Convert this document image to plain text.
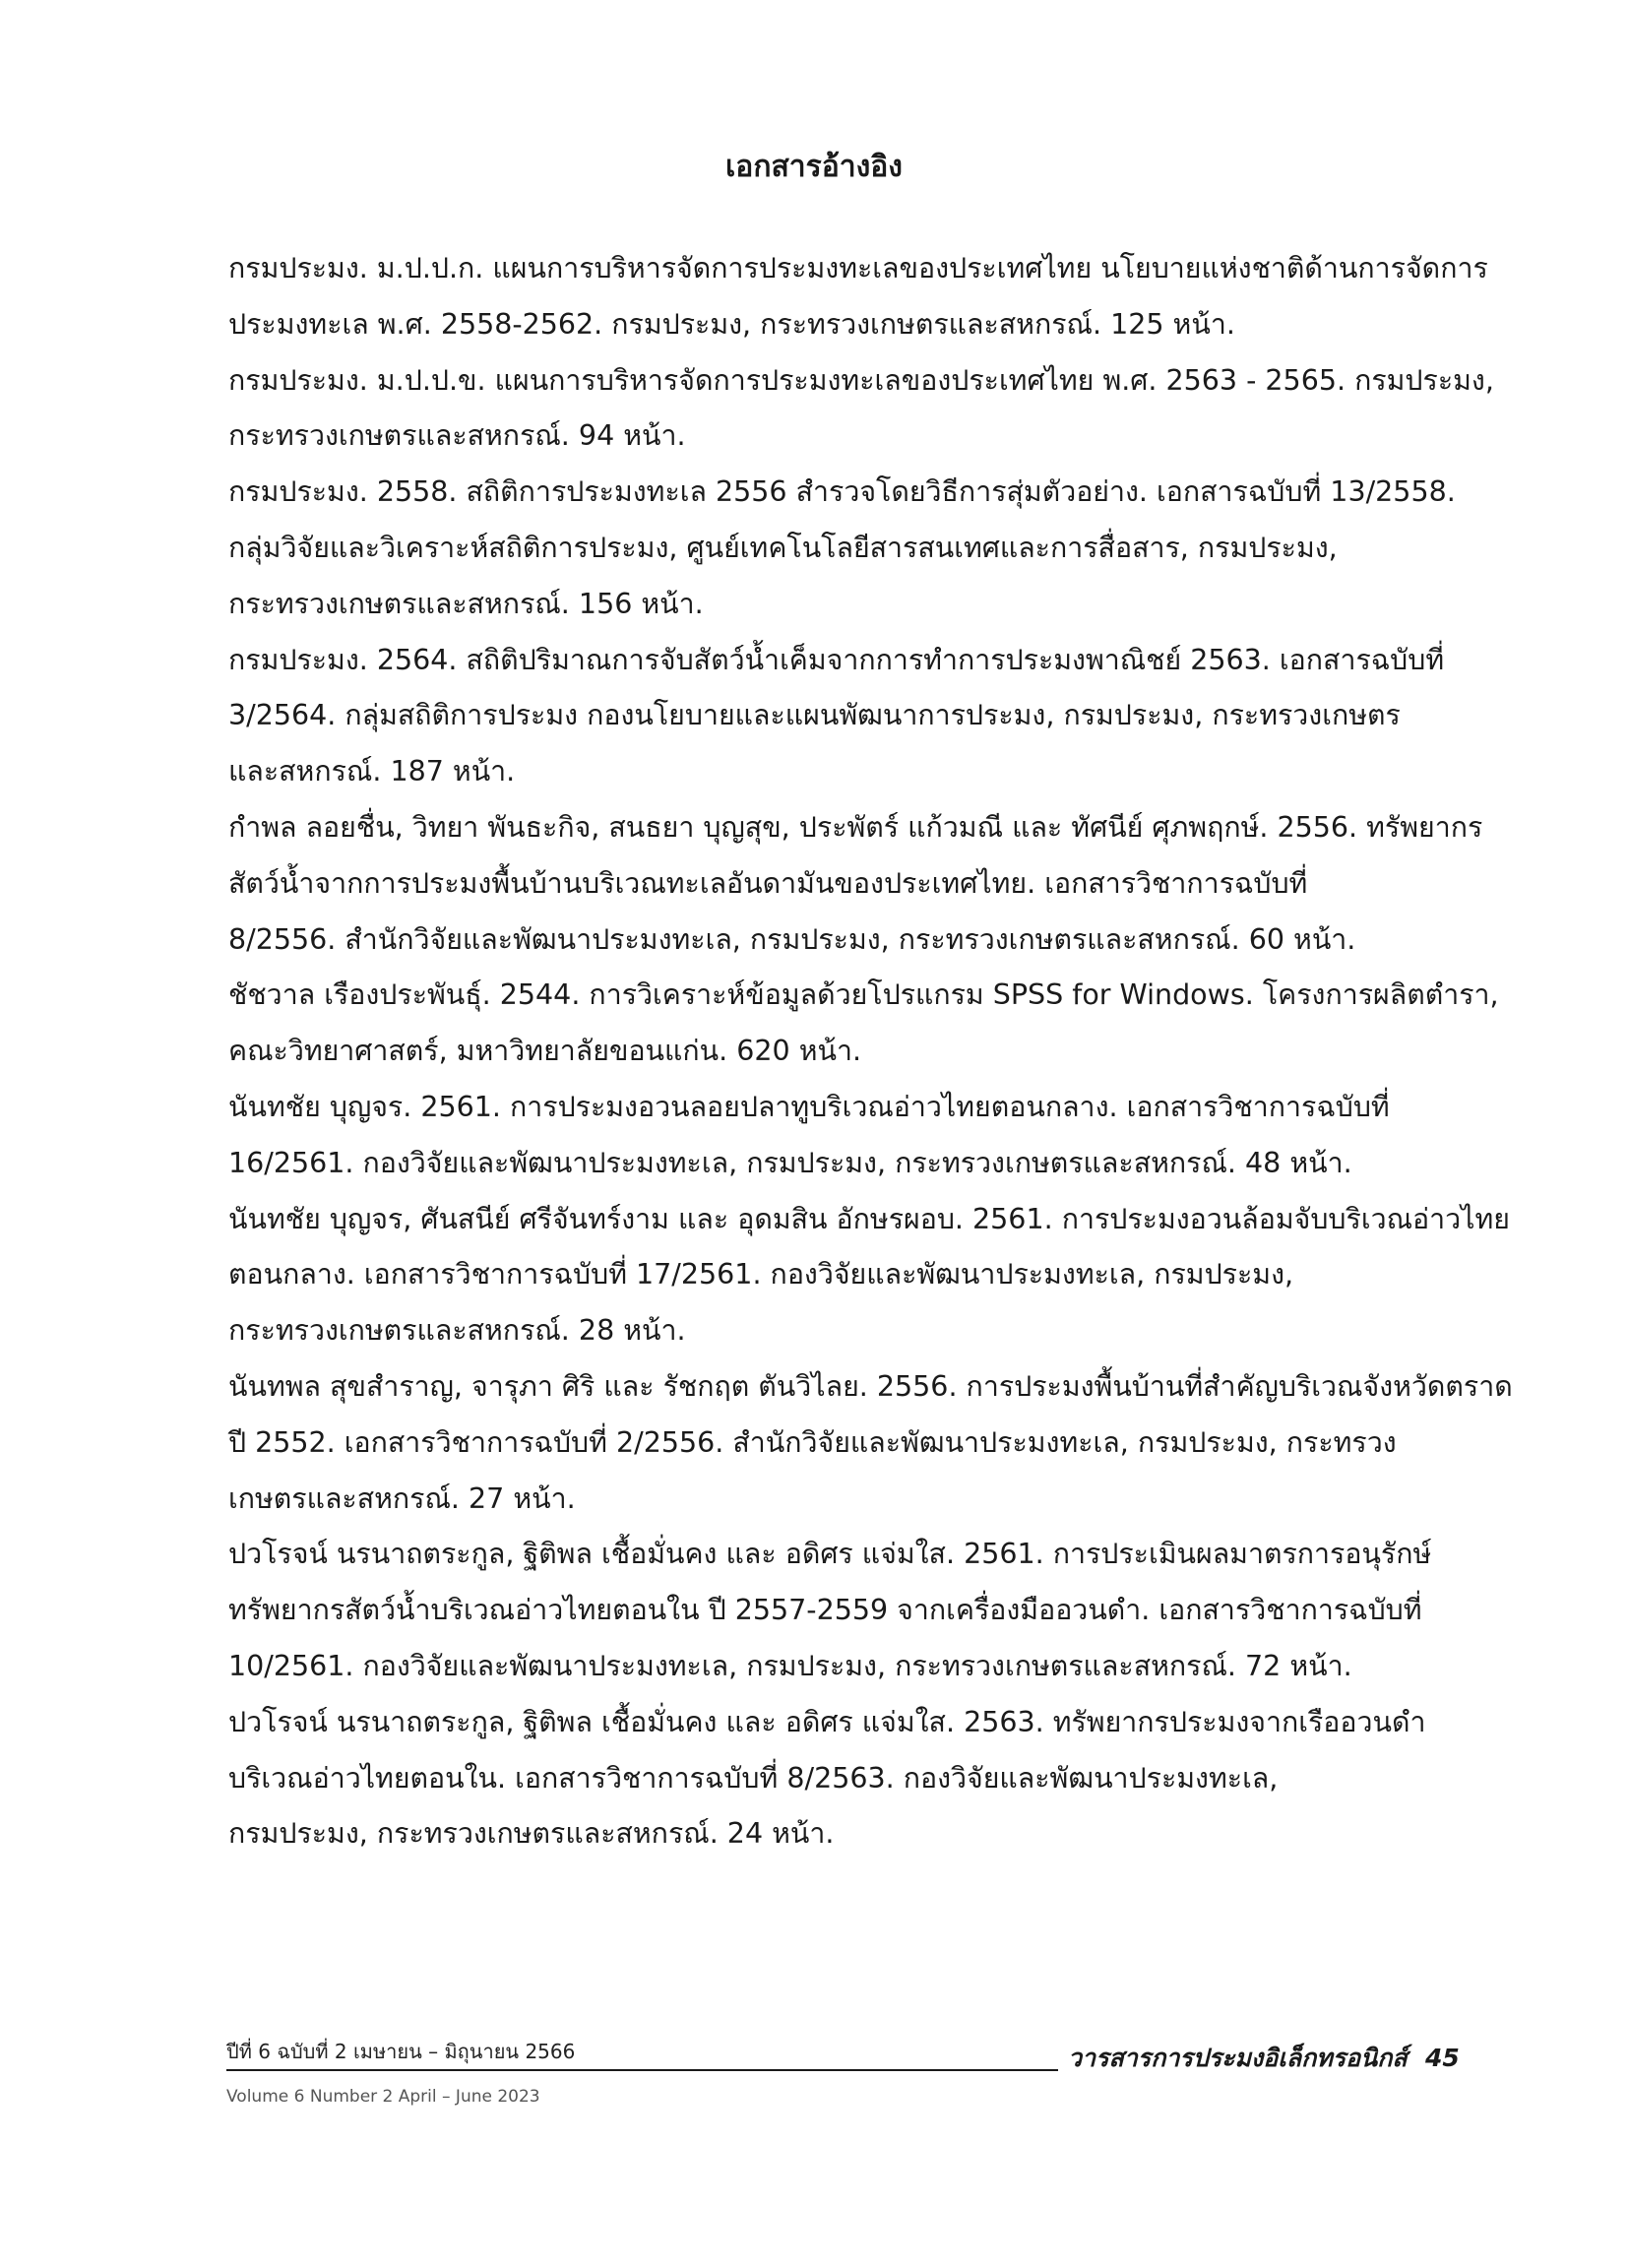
เอกสารอ้างอิง

กรมประมง. ม.ป.ป.ก. แผนการบริหารจัดการประมงทะเลของประเทศไทย นโยบายแห่งชาติด้านการจัดการ
ประมงทะเล พ.ศ. 2558-2562. กรมประมง, กระทรวงเกษตรและสหกรณ์. 125 หน้า.

กรมประมง. ม.ป.ป.ข. แผนการบริหารจัดการประมงทะเลของประเทศไทย พ.ศ. 2563 - 2565. กรมประมง,
กระทรวงเกษตรและสหกรณ์. 94 หน้า.

กรมประมง. 2558. สถิติการประมงทะเล 2556 สำรวจโดยวิธีการสุ่มตัวอย่าง. เอกสารฉบับที่ 13/2558.
กลุ่มวิจัยและวิเคราะห์สถิติการประมง, ศูนย์เทคโนโลยีสารสนเทศและการสื่อสาร, กรมประมง,
กระทรวงเกษตรและสหกรณ์. 156 หน้า.

กรมประมง. 2564. สถิติปริมาณการจับสัตว์น้ำเค็มจากการทำการประมงพาณิชย์ 2563. เอกสารฉบับที่
3/2564. กลุ่มสถิติการประมง กองนโยบายและแผนพัฒนาการประมง, กรมประมง, กระทรวงเกษตร
และสหกรณ์. 187 หน้า.

กำพล ลอยชื่น, วิทยา พันธะกิจ, สนธยา บุญสุข, ประพัตร์ แก้วมณี และ ทัศนีย์ ศุภพฤกษ์. 2556. ทรัพยากร
สัตว์น้ำจากการประมงพื้นบ้านบริเวณทะเลอันดามันของประเทศไทย. เอกสารวิชาการฉบับที่
8/2556. สำนักวิจัยและพัฒนาประมงทะเล, กรมประมง, กระทรวงเกษตรและสหกรณ์. 60 หน้า.

ชัชวาล เรืองประพันธุ์. 2544. การวิเคราะห์ข้อมูลด้วยโปรแกรม SPSS for Windows. โครงการผลิตตำรา,
คณะวิทยาศาสตร์, มหาวิทยาลัยขอนแก่น. 620 หน้า.

นันทชัย บุญจร. 2561. การประมงอวนลอยปลาทูบริเวณอ่าวไทยตอนกลาง. เอกสารวิชาการฉบับที่
16/2561. กองวิจัยและพัฒนาประมงทะเล, กรมประมง, กระทรวงเกษตรและสหกรณ์. 48 หน้า.

นันทชัย บุญจร, ศันสนีย์ ศรีจันทร์งาม และ อุดมสิน อักษรผอบ. 2561. การประมงอวนล้อมจับบริเวณอ่าวไทย
ตอนกลาง. เอกสารวิชาการฉบับที่ 17/2561. กองวิจัยและพัฒนาประมงทะเล, กรมประมง,
กระทรวงเกษตรและสหกรณ์. 28 หน้า.

นันทพล สุขสำราญ, จารุภา ศิริ และ รัชกฤต ตันวิไลย. 2556. การประมงพื้นบ้านที่สำคัญบริเวณจังหวัดตราด
ปี 2552. เอกสารวิชาการฉบับที่ 2/2556. สำนักวิจัยและพัฒนาประมงทะเล, กรมประมง, กระทรวง
เกษตรและสหกรณ์. 27 หน้า.

ปวโรจน์ นรนาถตระกูล, ฐิติพล เชื้อมั่นคง และ อดิศร แจ่มใส. 2561. การประเมินผลมาตรการอนุรักษ์
ทรัพยากรสัตว์น้ำบริเวณอ่าวไทยตอนใน ปี 2557-2559 จากเครื่องมืออวนดำ. เอกสารวิชาการฉบับที่
10/2561. กองวิจัยและพัฒนาประมงทะเล, กรมประมง, กระทรวงเกษตรและสหกรณ์. 72 หน้า.

ปวโรจน์ นรนาถตระกูล, ฐิติพล เชื้อมั่นคง และ อดิศร แจ่มใส. 2563. ทรัพยากรประมงจากเรืออวนดำ
บริเวณอ่าวไทยตอนใน. เอกสารวิชาการฉบับที่ 8/2563. กองวิจัยและพัฒนาประมงทะเล,
กรมประมง, กระทรวงเกษตรและสหกรณ์. 24 หน้า.

ปีที่ 6 ฉบับที่ 2 เมษายน – มิถุนายน 2566
Volume 6 Number 2 April – June 2023
วารสารการประมงอิเล็กทรอนิกส์ 45
